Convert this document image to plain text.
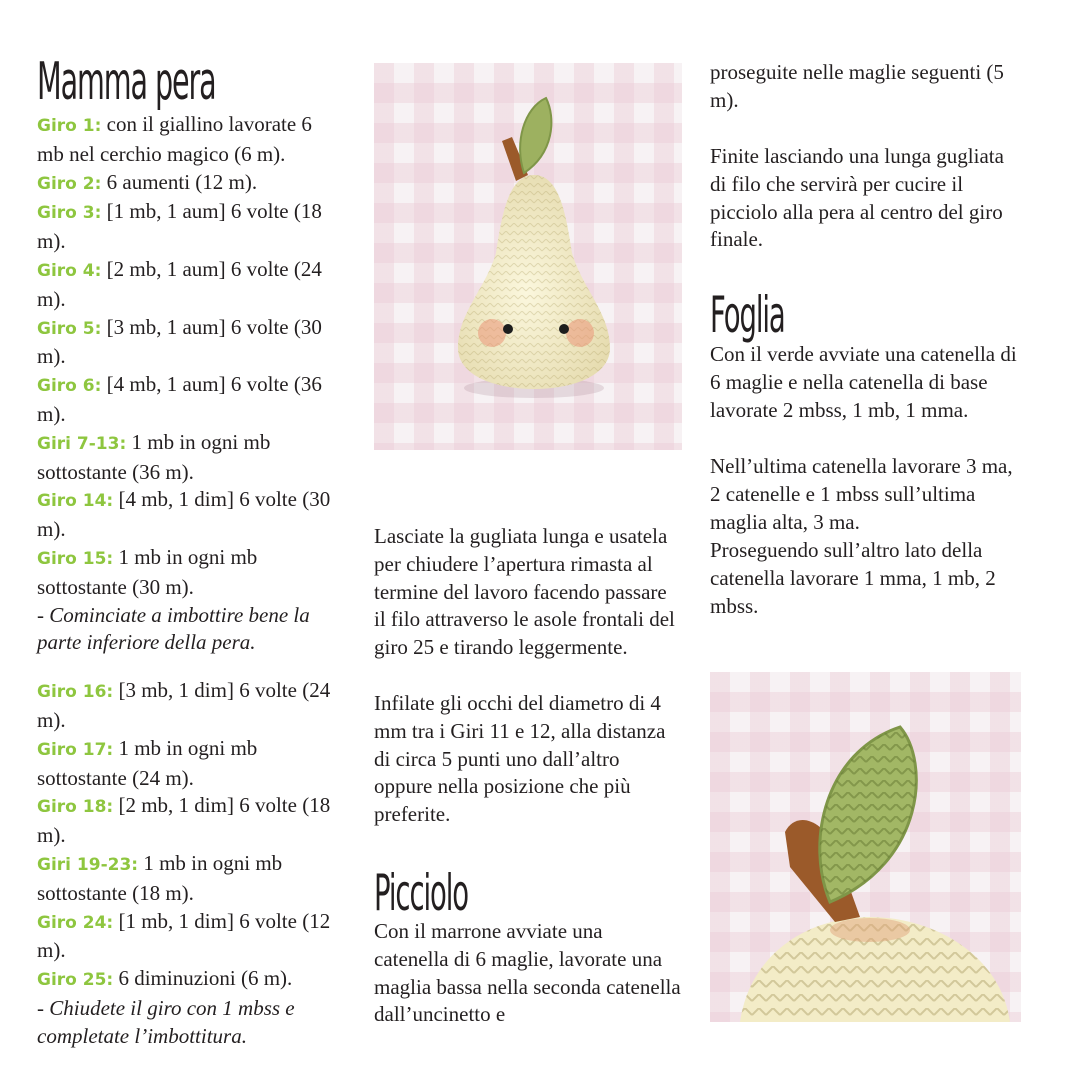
Mamma pera

Giro 1: con il giallino lavorate 6 mb nel cerchio magico (6 m).

Giro 2: 6 aumenti (12 m).

Giro 3: [1 mb, 1 aum] 6 volte (18 m).

Giro 4: [2 mb, 1 aum] 6 volte (24 m).

Giro 5: [3 mb, 1 aum] 6 volte (30 m).

Giro 6: [4 mb, 1 aum] 6 volte (36 m).

Giri 7-13: 1 mb in ogni mb sottostante (36 m).

Giro 14: [4 mb, 1 dim] 6 volte (30 m).

Giro 15: 1 mb in ogni mb sottostante (30 m).

- Cominciate a imbottire bene la parte inferiore della pera.

Giro 16: [3 mb, 1 dim] 6 volte (24 m).

Giro 17: 1 mb in ogni mb sottostante (24 m).

Giro 18: [2 mb, 1 dim] 6 volte (18 m).

Giri 19-23: 1 mb in ogni mb sottostante (18 m).

Giro 24: [1 mb, 1 dim] 6 volte (12 m).

Giro 25: 6 diminuzioni (6 m).

- Chiudete il giro con 1 mbss e completate l’imbottitura.

Lasciate la gugliata lunga e usatela per chiudere l’apertura rimasta al termine del lavoro facendo passare il filo attraverso le asole frontali del giro 25 e tirando leggermente.

Infilate gli occhi del diametro di 4 mm tra i Giri 11 e 12, alla distanza di circa 5 punti uno dall’altro oppure nella posizione che più preferite.

Picciolo

Con il marrone avviate una catenella di 6 maglie, lavorate una maglia bassa nella seconda catenella dall’uncinetto e

proseguite nelle maglie seguenti (5 m).

Finite lasciando una lunga gugliata di filo che servirà per cucire il picciolo alla pera al centro del giro finale.

Foglia

Con il verde avviate una catenella di 6 maglie e nella catenella di base lavorate 2 mbss, 1 mb, 1 mma.

Nell’ultima catenella lavorare 3 ma, 2 catenelle e 1 mbss sull’ultima maglia alta, 3 ma.

Proseguendo sull’altro lato della catenella lavorare 1 mma, 1 mb, 2 mbss.
